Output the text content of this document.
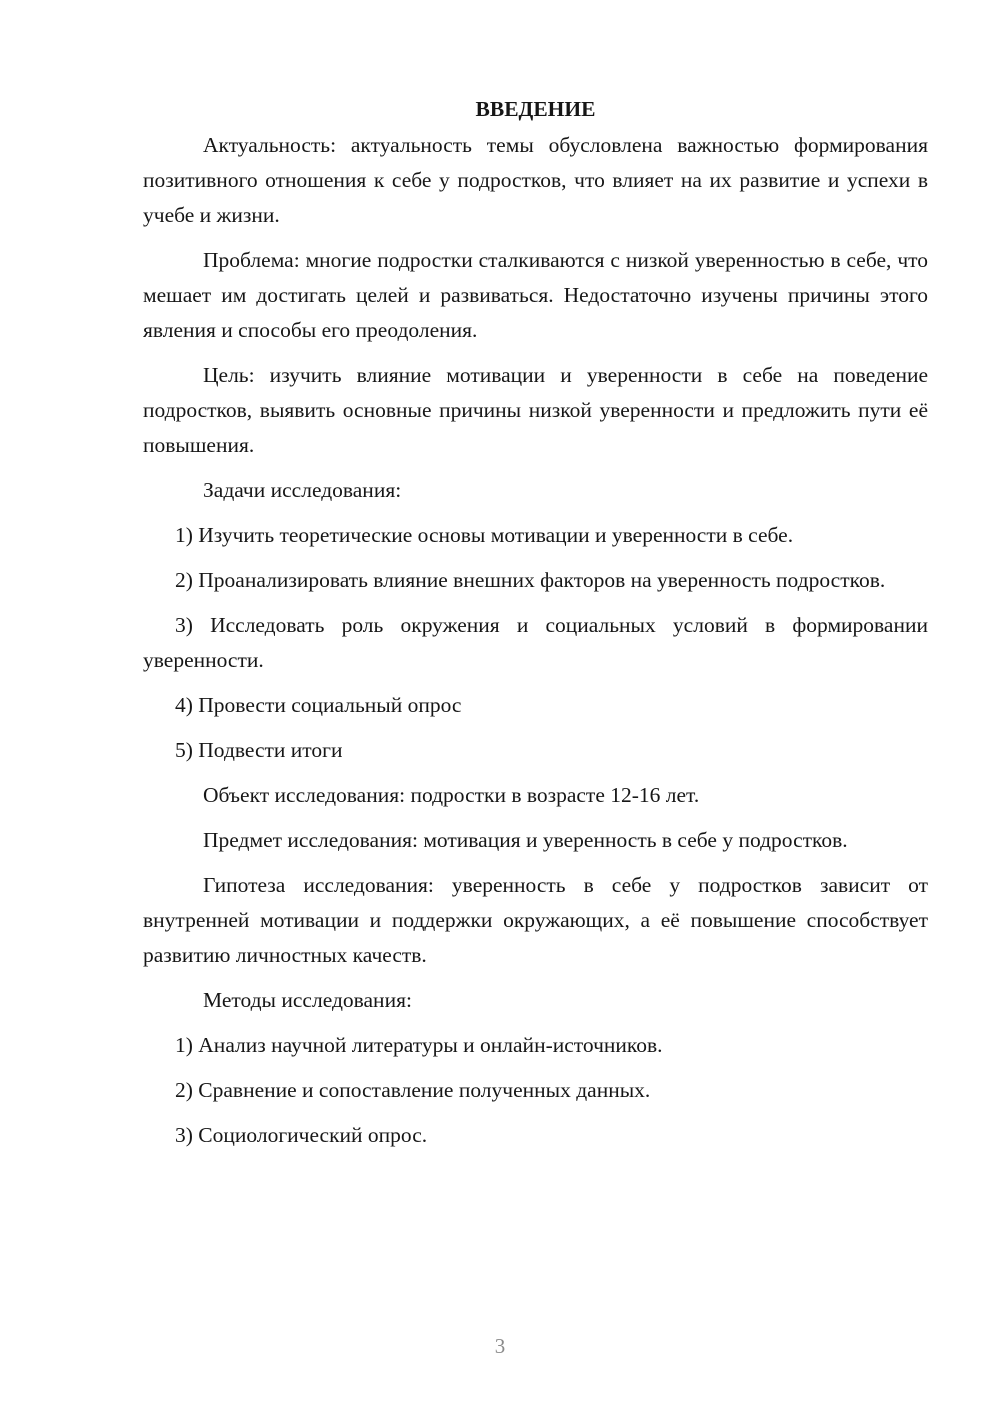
ВВЕДЕНИЕ

Актуальность: актуальность темы обусловлена важностью формирования позитивного отношения к себе у подростков, что влияет на их развитие и успехи в учебе и жизни.

Проблема: многие подростки сталкиваются с низкой уверенностью в себе, что мешает им достигать целей и развиваться. Недостаточно изучены причины этого явления и способы его преодоления.

Цель: изучить влияние мотивации и уверенности в себе на поведение подростков, выявить основные причины низкой уверенности и предложить пути её повышения.

Задачи исследования:

1) Изучить теоретические основы мотивации и уверенности в себе.

2) Проанализировать влияние внешних факторов на уверенность подростков.

3) Исследовать роль окружения и социальных условий в формировании уверенности.

4) Провести социальный опрос

5) Подвести итоги

Объект исследования: подростки в возрасте 12-16 лет.

Предмет исследования: мотивация и уверенность в себе у подростков.

Гипотеза исследования: уверенность в себе у подростков зависит от внутренней мотивации и поддержки окружающих, а её повышение способствует развитию личностных качеств.

Методы исследования:

1) Анализ научной литературы и онлайн-источников.

2) Сравнение и сопоставление полученных данных.

3) Социологический опрос.

3
